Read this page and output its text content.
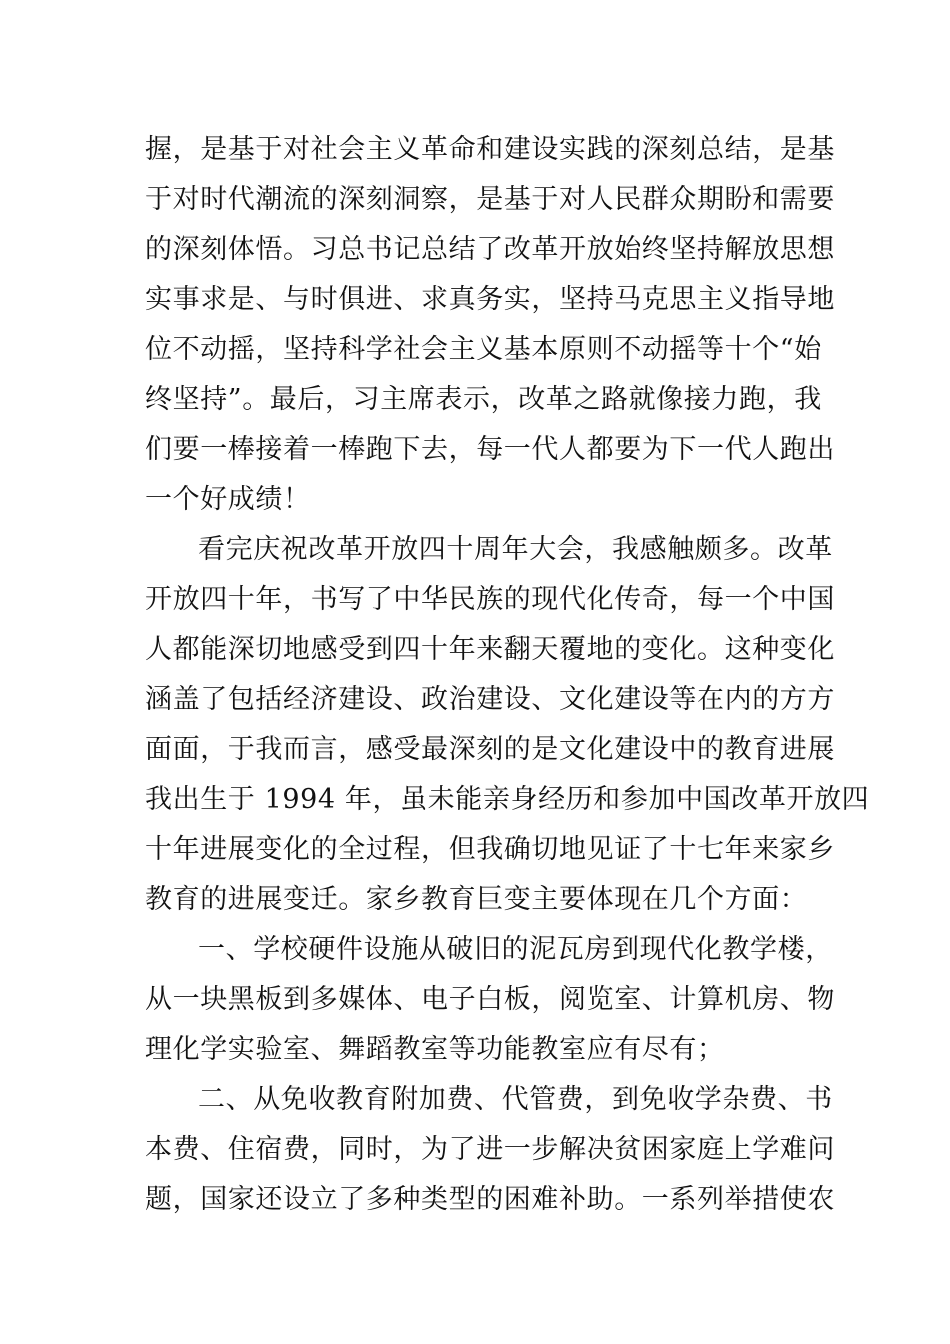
握，是基于对社会主义革命和建设实践的深刻总结，是基
于对时代潮流的深刻洞察，是基于对人民群众期盼和需要
的深刻体悟。习总书记总结了改革开放始终坚持解放思想
实事求是、与时俱进、求真务实，坚持马克思主义指导地
位不动摇，坚持科学社会主义基本原则不动摇等十个“始
终坚持”。最后，习主席表示，改革之路就像接力跑，我
们要一棒接着一棒跑下去，每一代人都要为下一代人跑出
一个好成绩！
看完庆祝改革开放四十周年大会，我感触颇多。改革
开放四十年，书写了中华民族的现代化传奇，每一个中国
人都能深切地感受到四十年来翻天覆地的变化。这种变化
涵盖了包括经济建设、政治建设、文化建设等在内的方方
面面，于我而言，感受最深刻的是文化建设中的教育进展
我出生于 1994 年，虽未能亲身经历和参加中国改革开放四
十年进展变化的全过程，但我确切地见证了十七年来家乡
教育的进展变迁。家乡教育巨变主要体现在几个方面：
一、学校硬件设施从破旧的泥瓦房到现代化教学楼，
从一块黑板到多媒体、电子白板，阅览室、计算机房、物
理化学实验室、舞蹈教室等功能教室应有尽有；
二、从免收教育附加费、代管费，到免收学杂费、书
本费、住宿费，同时，为了进一步解决贫困家庭上学难问
题，国家还设立了多种类型的困难补助。一系列举措使农
